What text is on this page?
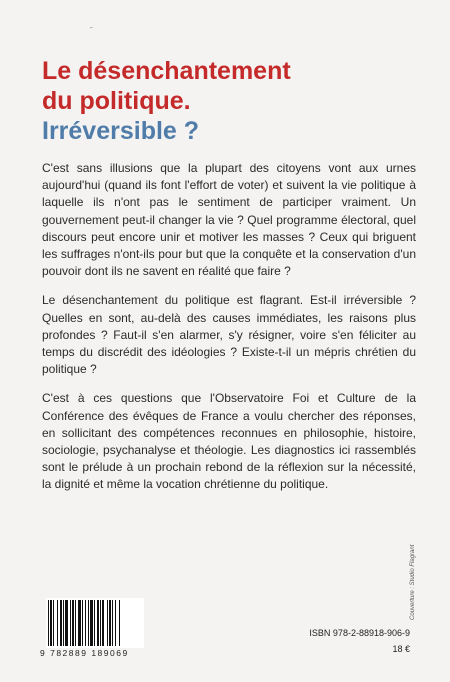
˜
Le désenchantement
du politique.
Irréversible ?

C'est sans illusions que la plupart des citoyens vont aux urnes aujourd'hui (quand ils font l'effort de voter) et suivent la vie politique à laquelle ils n'ont pas le sentiment de participer vraiment. Un gouvernement peut-il changer la vie ? Quel programme électoral, quel discours peut encore unir et motiver les masses ? Ceux qui briguent les suffrages n'ont-ils pour but que la conquête et la conservation d'un pouvoir dont ils ne savent en réalité que faire ?

Le désenchantement du politique est flagrant. Est-il irréversible ? Quelles en sont, au-delà des causes immédiates, les raisons plus profondes ? Faut-il s'en alarmer, s'y résigner, voire s'en féliciter au temps du discrédit des idéologies ? Existe-t-il un mépris chrétien du politique ?

C'est à ces questions que l'Observatoire Foi et Culture de la Conférence des évêques de France a voulu chercher des réponses, en sollicitant des compétences reconnues en philosophie, histoire, sociologie, psychanalyse et théologie. Les diagnostics ici rassemblés sont le prélude à un prochain rebond de la réflexion sur la nécessité, la dignité et même la vocation chrétienne du politique.

9 782889 189069
ISBN 978-2-88918-906-9
18 €
Couverture : Studio Flagrant
